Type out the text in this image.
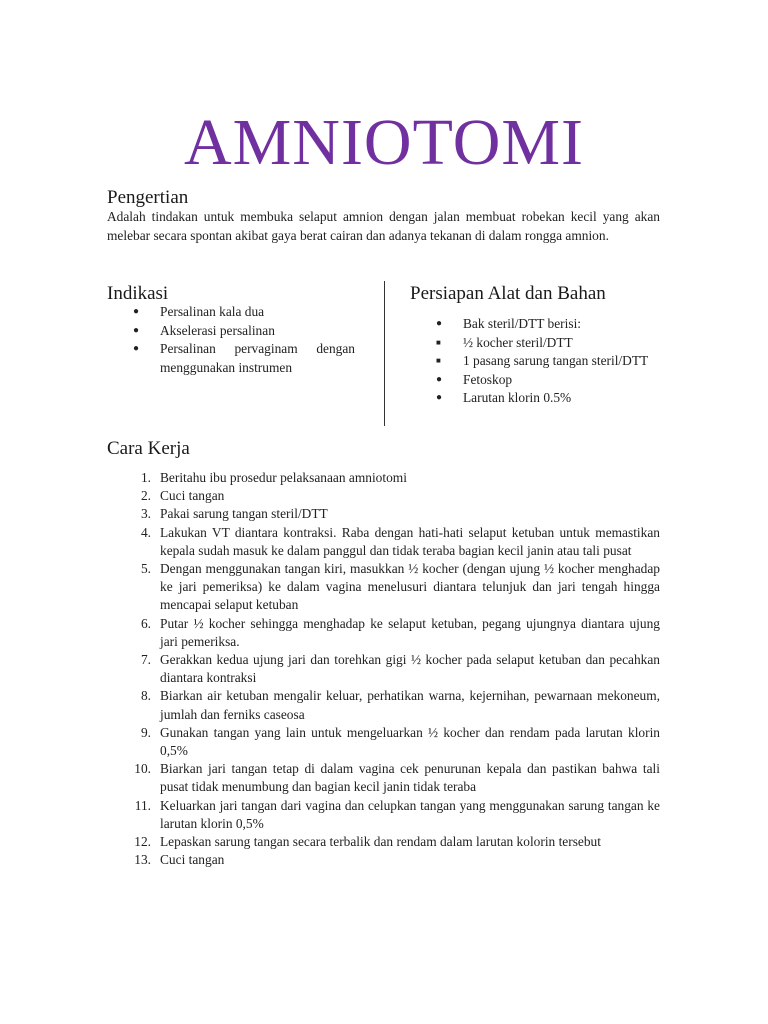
AMNIOTOMI
Pengertian

Adalah tindakan untuk membuka selaput amnion dengan jalan membuat robekan kecil yang akan melebar secara spontan akibat gaya berat cairan dan adanya tekanan di dalam rongga amnion.

Indikasi
●	Persalinan kala dua
●	Akselerasi persalinan
●	Persalinan pervaginam dengan menggunakan instrumen
Persiapan Alat dan Bahan
●	Bak steril/DTT berisi:
■	½ kocher steril/DTT
■	1 pasang sarung tangan steril/DTT
●	Fetoskop
●	Larutan klorin 0.5%
Cara Kerja
1. Beritahu ibu prosedur pelaksanaan amniotomi
2. Cuci tangan
3. Pakai sarung tangan steril/DTT
4. Lakukan VT diantara kontraksi. Raba dengan hati-hati selaput ketuban untuk memastikan kepala sudah masuk ke dalam panggul dan tidak teraba bagian kecil janin atau tali pusat
5. Dengan menggunakan tangan kiri, masukkan ½ kocher (dengan ujung ½ kocher menghadap ke jari pemeriksa) ke dalam vagina menelusuri diantara telunjuk dan jari tengah hingga mencapai selaput ketuban
6. Putar ½ kocher sehingga menghadap ke selaput ketuban, pegang ujungnya diantara ujung jari pemeriksa.
7. Gerakkan kedua ujung jari dan torehkan gigi ½ kocher pada selaput ketuban dan pecahkan diantara kontraksi
8. Biarkan air ketuban mengalir keluar, perhatikan warna, kejernihan, pewarnaan mekoneum, jumlah dan ferniks caseosa
9. Gunakan tangan yang lain untuk mengeluarkan ½ kocher dan rendam pada larutan klorin 0,5%
10. Biarkan jari tangan tetap di dalam vagina cek penurunan kepala dan pastikan bahwa tali pusat tidak menumbung dan bagian kecil janin tidak teraba
11. Keluarkan jari tangan dari vagina dan celupkan tangan yang menggunakan sarung tangan ke larutan klorin 0,5%
12. Lepaskan sarung tangan secara terbalik dan rendam dalam larutan kolorin tersebut
13. Cuci tangan
